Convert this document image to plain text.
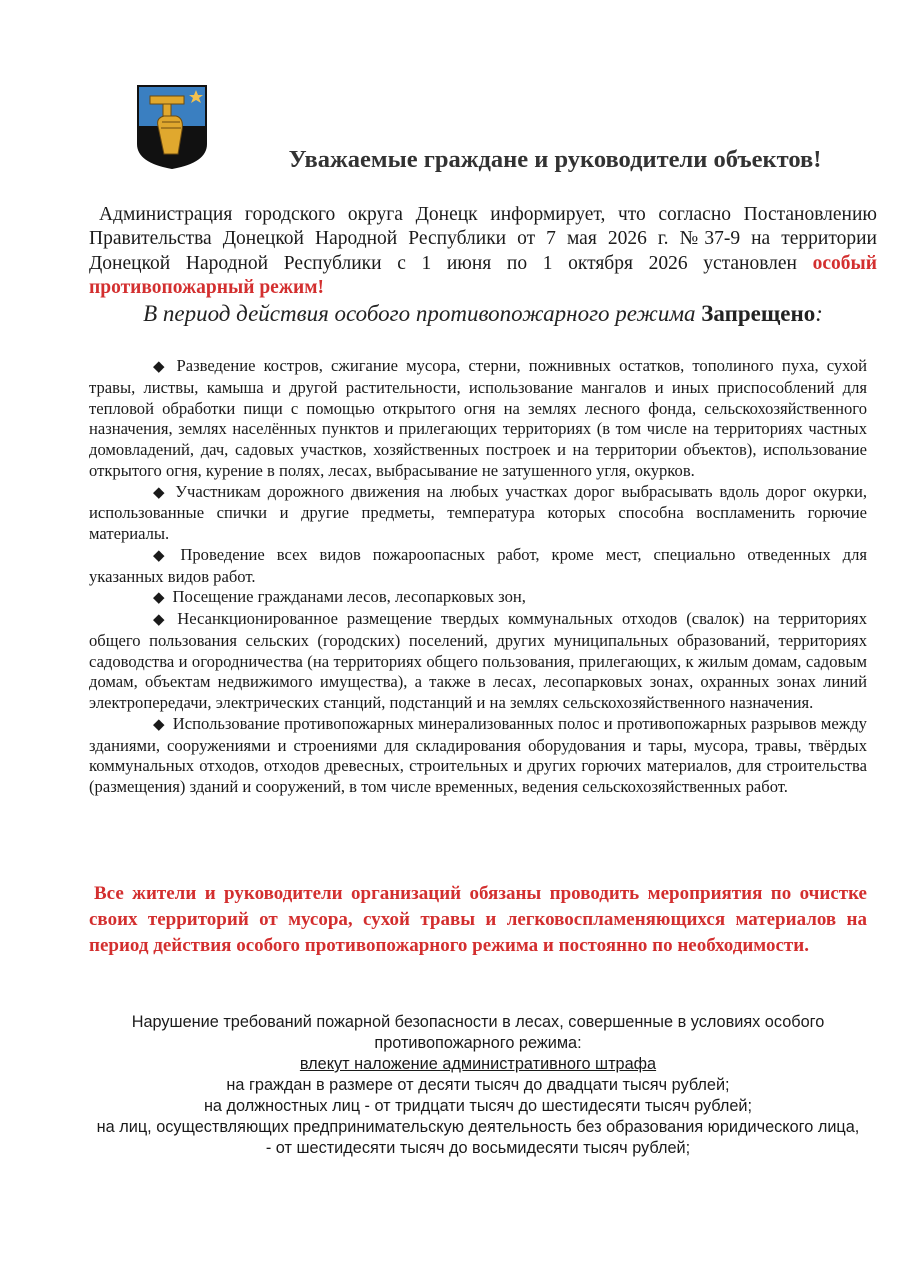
Уважаемые граждане и руководители объектов!
Администрация городского округа Донецк информирует, что согласно Постановлению Правительства Донецкой Народной Республики от 7 мая 2026 г. №37-9 на территории Донецкой Народной Республики с 1 июня по 1 октября 2026 установлен особый противопожарный режим!
В период действия особого противопожарного режима Запрещено:

◆ Разведение костров, сжигание мусора, стерни, пожнивных остатков, тополиного пуха, сухой травы, листвы, камыша и другой растительности, использование мангалов и иных приспособлений для тепловой обработки пищи с помощью открытого огня на землях лесного фонда, сельскохозяйственного назначения, землях населённых пунктов и прилегающих территориях (в том числе на территориях частных домовладений, дач, садовых участков, хозяйственных построек и на территории объектов), использование открытого огня, курение в полях, лесах, выбрасывание не затушенного угля, окурков.

◆ Участникам дорожного движения на любых участках дорог выбрасывать вдоль дорог окурки, использованные спички и другие предметы, температура которых способна воспламенить горючие материалы.

◆ Проведение всех видов пожароопасных работ, кроме мест, специально отведенных для указанных видов работ.

◆ Посещение гражданами лесов, лесопарковых зон,

◆ Несанкционированное размещение твердых коммунальных отходов (свалок) на территориях общего пользования сельских (городских) поселений, других муниципальных образований, территориях садоводства и огородничества (на территориях общего пользования, прилегающих, к жилым домам, садовым домам, объектам недвижимого имущества), а также в лесах, лесопарковых зонах, охранных зонах линий электропередачи, электрических станций, подстанций и на землях сельскохозяйственного назначения.

◆ Использование противопожарных минерализованных полос и противопожарных разрывов между зданиями, сооружениями и строениями для складирования оборудования и тары, мусора, травы, твёрдых коммунальных отходов, отходов древесных, строительных и других горючих материалов, для строительства (размещения) зданий и сооружений, в том числе временных, ведения сельскохозяйственных работ.

Все жители и руководители организаций обязаны проводить мероприятия по очистке своих территорий от мусора, сухой травы и легковоспламеняющихся материалов на период действия особого противопожарного режима и постоянно по необходимости.
Нарушение требований пожарной безопасности в лесах, совершенные в условиях особого
противопожарного режима:
влекут наложение административного штрафа
на граждан в размере от десяти тысяч до двадцати тысяч рублей;
на должностных лиц - от тридцати тысяч до шестидесяти тысяч рублей;
на лиц, осуществляющих предпринимательскую деятельность без образования юридического лица,
- от шестидесяти тысяч до восьмидесяти тысяч рублей;
